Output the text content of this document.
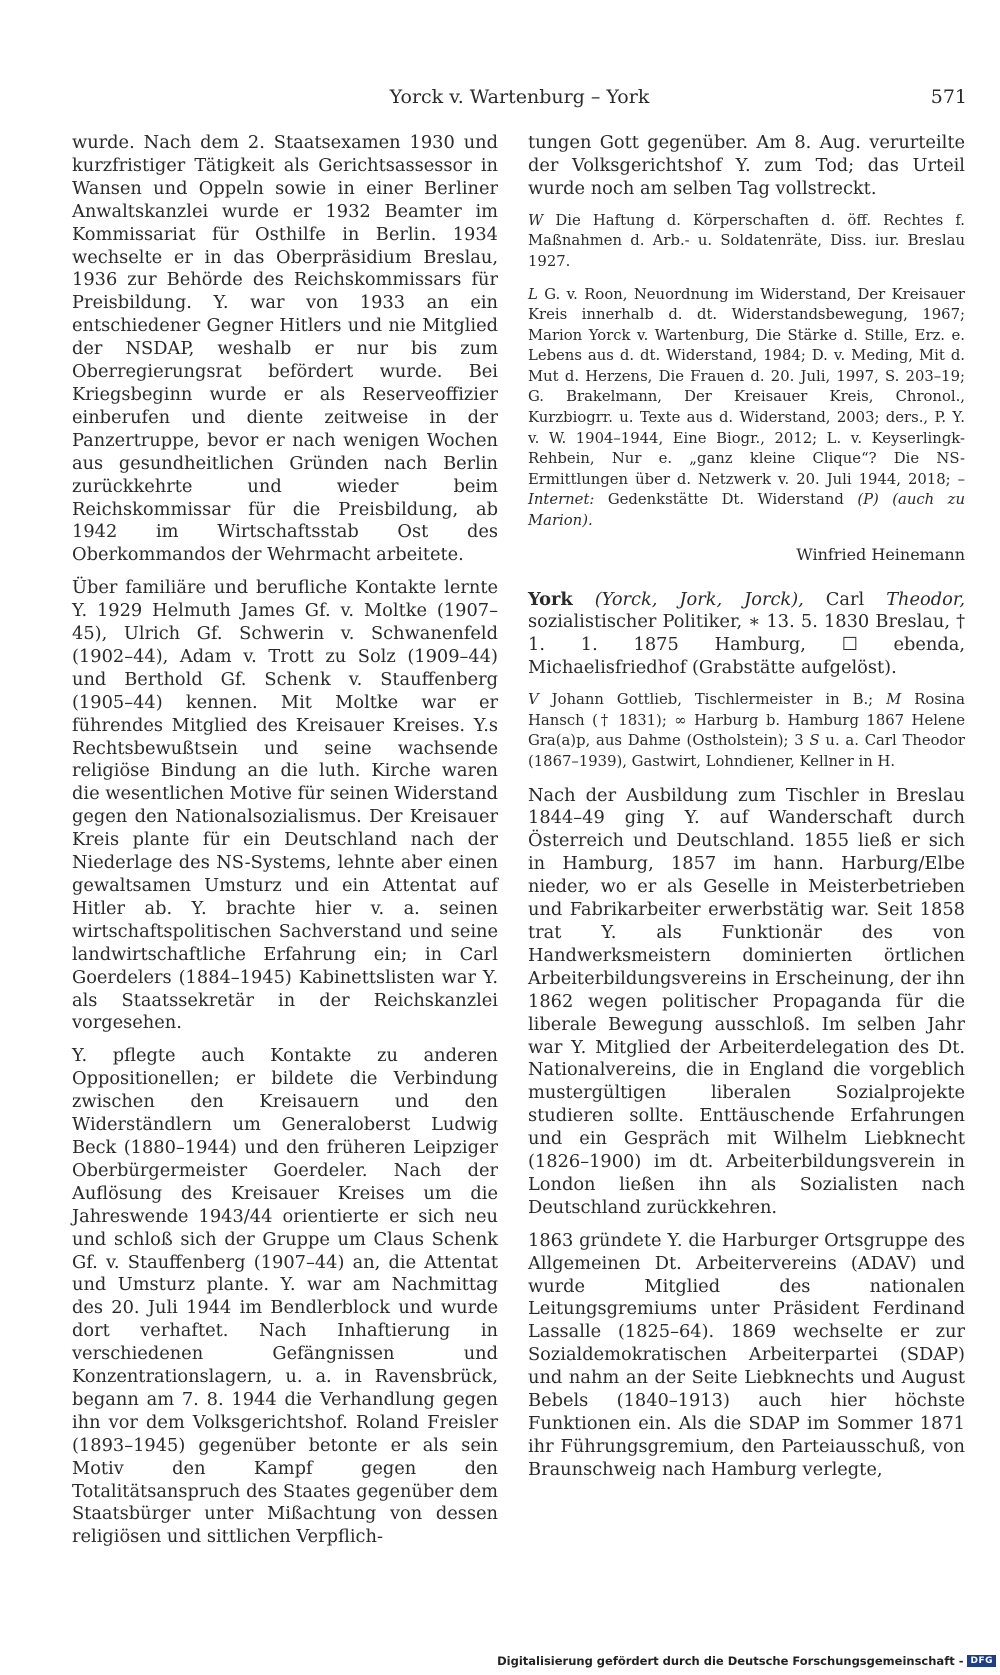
Yorck v. Wartenburg – York	571

wurde. Nach dem 2. Staatsexamen 1930 und kurzfristiger Tätigkeit als Gerichtsassessor in Wansen und Oppeln sowie in einer Berliner Anwaltskanzlei wurde er 1932 Beamter im Kommissariat für Osthilfe in Berlin. 1934 wechselte er in das Oberpräsidium Breslau, 1936 zur Behörde des Reichskommissars für Preisbildung. Y. war von 1933 an ein entschiedener Gegner Hitlers und nie Mitglied der NSDAP, weshalb er nur bis zum Oberregierungsrat befördert wurde. Bei Kriegsbeginn wurde er als Reserveoffizier einberufen und diente zeitweise in der Panzertruppe, bevor er nach wenigen Wochen aus gesundheitlichen Gründen nach Berlin zurückkehrte und wieder beim Reichskommissar für die Preisbildung, ab 1942 im Wirtschaftsstab Ost des Oberkommandos der Wehrmacht arbeitete.

Über familiäre und berufliche Kontakte lernte Y. 1929 Helmuth James Gf. v. Moltke (1907–45), Ulrich Gf. Schwerin v. Schwanenfeld (1902–44), Adam v. Trott zu Solz (1909–44) und Berthold Gf. Schenk v. Stauffenberg (1905–44) kennen. Mit Moltke war er führendes Mitglied des Kreisauer Kreises. Y.s Rechtsbewußtsein und seine wachsende religiöse Bindung an die luth. Kirche waren die wesentlichen Motive für seinen Widerstand gegen den Nationalsozialismus. Der Kreisauer Kreis plante für ein Deutschland nach der Niederlage des NS-Systems, lehnte aber einen gewaltsamen Umsturz und ein Attentat auf Hitler ab. Y. brachte hier v. a. seinen wirtschaftspolitischen Sachverstand und seine landwirtschaftliche Erfahrung ein; in Carl Goerdelers (1884–1945) Kabinettslisten war Y. als Staatssekretär in der Reichskanzlei vorgesehen.

Y. pflegte auch Kontakte zu anderen Oppositionellen; er bildete die Verbindung zwischen den Kreisauern und den Widerständlern um Generaloberst Ludwig Beck (1880–1944) und den früheren Leipziger Oberbürgermeister Goerdeler. Nach der Auflösung des Kreisauer Kreises um die Jahreswende 1943/44 orientierte er sich neu und schloß sich der Gruppe um Claus Schenk Gf. v. Stauffenberg (1907–44) an, die Attentat und Umsturz plante. Y. war am Nachmittag des 20. Juli 1944 im Bendlerblock und wurde dort verhaftet. Nach Inhaftierung in verschiedenen Gefängnissen und Konzentrationslagern, u. a. in Ravensbrück, begann am 7. 8. 1944 die Verhandlung gegen ihn vor dem Volksgerichtshof. Roland Freisler (1893–1945) gegenüber betonte er als sein Motiv den Kampf gegen den Totalitätsanspruch des Staates gegenüber dem Staatsbürger unter Mißachtung von dessen religiösen und sittlichen Verpflich-

tungen Gott gegenüber. Am 8. Aug. verurteilte der Volksgerichtshof Y. zum Tod; das Urteil wurde noch am selben Tag vollstreckt.

W Die Haftung d. Körperschaften d. öff. Rechtes f. Maßnahmen d. Arb.- u. Soldatenräte, Diss. iur. Breslau 1927.

L G. v. Roon, Neuordnung im Widerstand, Der Kreisauer Kreis innerhalb d. dt. Widerstandsbewegung, 1967; Marion Yorck v. Wartenburg, Die Stärke d. Stille, Erz. e. Lebens aus d. dt. Widerstand, 1984; D. v. Meding, Mit d. Mut d. Herzens, Die Frauen d. 20. Juli, 1997, S. 203–19; G. Brakelmann, Der Kreisauer Kreis, Chronol., Kurzbiogrr. u. Texte aus d. Widerstand, 2003; ders., P. Y. v. W. 1904–1944, Eine Biogr., 2012; L. v. Keyserlingk-Rehbein, Nur e. „ganz kleine Clique“? Die NS-Ermittlungen über d. Netzwerk v. 20. Juli 1944, 2018; – Internet: Gedenkstätte Dt. Widerstand (P) (auch zu Marion).

Winfried Heinemann

York (Yorck, Jork, Jorck), Carl Theodor, sozialistischer Politiker, ∗ 13. 5. 1830 Breslau, † 1. 1. 1875 Hamburg, ☐ ebenda, Michaelisfriedhof (Grabstätte aufgelöst).

V Johann Gottlieb, Tischlermeister in B.; M Rosina Hansch († 1831); ∞ Harburg b. Hamburg 1867 Helene Gra(a)p, aus Dahme (Ostholstein); 3 S u. a. Carl Theodor (1867–1939), Gastwirt, Lohndiener, Kellner in H.

Nach der Ausbildung zum Tischler in Breslau 1844–49 ging Y. auf Wanderschaft durch Österreich und Deutschland. 1855 ließ er sich in Hamburg, 1857 im hann. Harburg/Elbe nieder, wo er als Geselle in Meisterbetrieben und Fabrikarbeiter erwerbstätig war. Seit 1858 trat Y. als Funktionär des von Handwerksmeistern dominierten örtlichen Arbeiterbildungsvereins in Erscheinung, der ihn 1862 wegen politischer Propaganda für die liberale Bewegung ausschloß. Im selben Jahr war Y. Mitglied der Arbeiterdelegation des Dt. Nationalvereins, die in England die vorgeblich mustergültigen liberalen Sozialprojekte studieren sollte. Enttäuschende Erfahrungen und ein Gespräch mit Wilhelm Liebknecht (1826–1900) im dt. Arbeiterbildungsverein in London ließen ihn als Sozialisten nach Deutschland zurückkehren.

1863 gründete Y. die Harburger Ortsgruppe des Allgemeinen Dt. Arbeitervereins (ADAV) und wurde Mitglied des nationalen Leitungsgremiums unter Präsident Ferdinand Lassalle (1825–64). 1869 wechselte er zur Sozialdemokratischen Arbeiterpartei (SDAP) und nahm an der Seite Liebknechts und August Bebels (1840–1913) auch hier höchste Funktionen ein. Als die SDAP im Sommer 1871 ihr Führungsgremium, den Parteiausschuß, von Braunschweig nach Hamburg verlegte,

Digitalisierung gefördert durch die Deutsche Forschungsgemeinschaft - DFG
